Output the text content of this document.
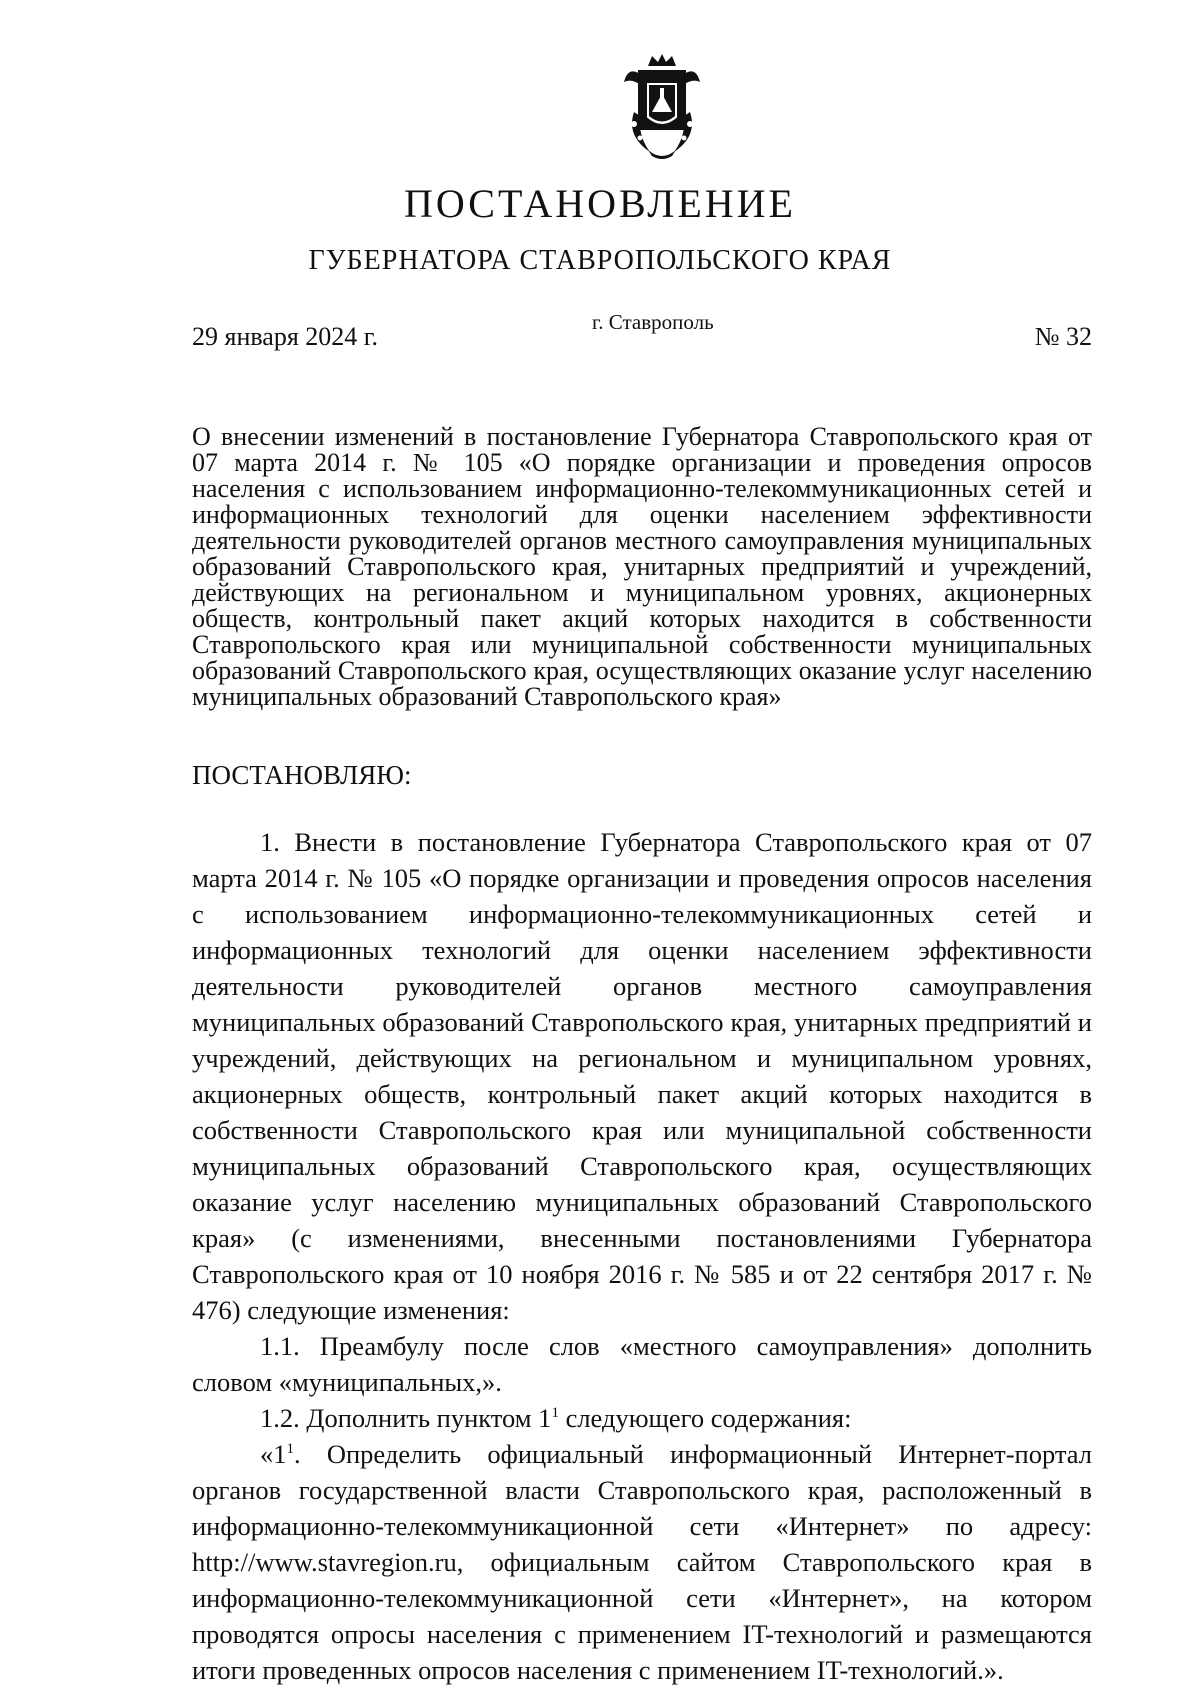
ПОСТАНОВЛЕНИЕ
ГУБЕРНАТОРА СТАВРОПОЛЬСКОГО КРАЯ
29 января 2024 г.	г. Ставрополь	№ 32
О внесении изменений в постановление Губернатора Ставропольского края от 07 марта 2014 г. № 105 «О порядке организации и проведения опросов населения с использованием информационно-телекоммуникационных сетей и информационных технологий для оценки населением эффективности деятельности руководителей органов местного самоуправления муниципальных образований Ставропольского края, унитарных предприятий и учреждений, действующих на региональном и муниципальном уровнях, акционерных обществ, контрольный пакет акций которых находится в собственности Ставропольского края или муниципальной собственности муниципальных образований Ставропольского края, осуществляющих оказание услуг населению муниципальных образований Ставропольского края»
ПОСТАНОВЛЯЮ:

1. Внести в постановление Губернатора Ставропольского края от 07 марта 2014 г. № 105 «О порядке организации и проведения опросов населения с использованием информационно-телекоммуникационных сетей и информационных технологий для оценки населением эффективности деятельности руководителей органов местного самоуправления муниципальных образований Ставропольского края, унитарных предприятий и учреждений, действующих на региональном и муниципальном уровнях, акционерных обществ, контрольный пакет акций которых находится в собственности Ставропольского края или муниципальной собственности муниципальных образований Ставропольского края, осуществляющих оказание услуг населению муниципальных образований Ставропольского края» (с изменениями, внесенными постановлениями Губернатора Ставропольского края от 10 ноября 2016 г. № 585 и от 22 сентября 2017 г. № 476) следующие изменения:

1.1. Преамбулу после слов «местного самоуправления» дополнить словом «муниципальных,».

1.2. Дополнить пунктом $1^1$ следующего содержания:

«$1^1$. Определить официальный информационный Интернет-портал органов государственной власти Ставропольского края, расположенный в информационно-телекоммуникационной сети «Интернет» по адресу: http://www.stavregion.ru, официальным сайтом Ставропольского края в информационно-телекоммуникационной сети «Интернет», на котором проводятся опросы населения с применением IT-технологий и размещаются итоги проведенных опросов населения с применением IT-технологий.».
